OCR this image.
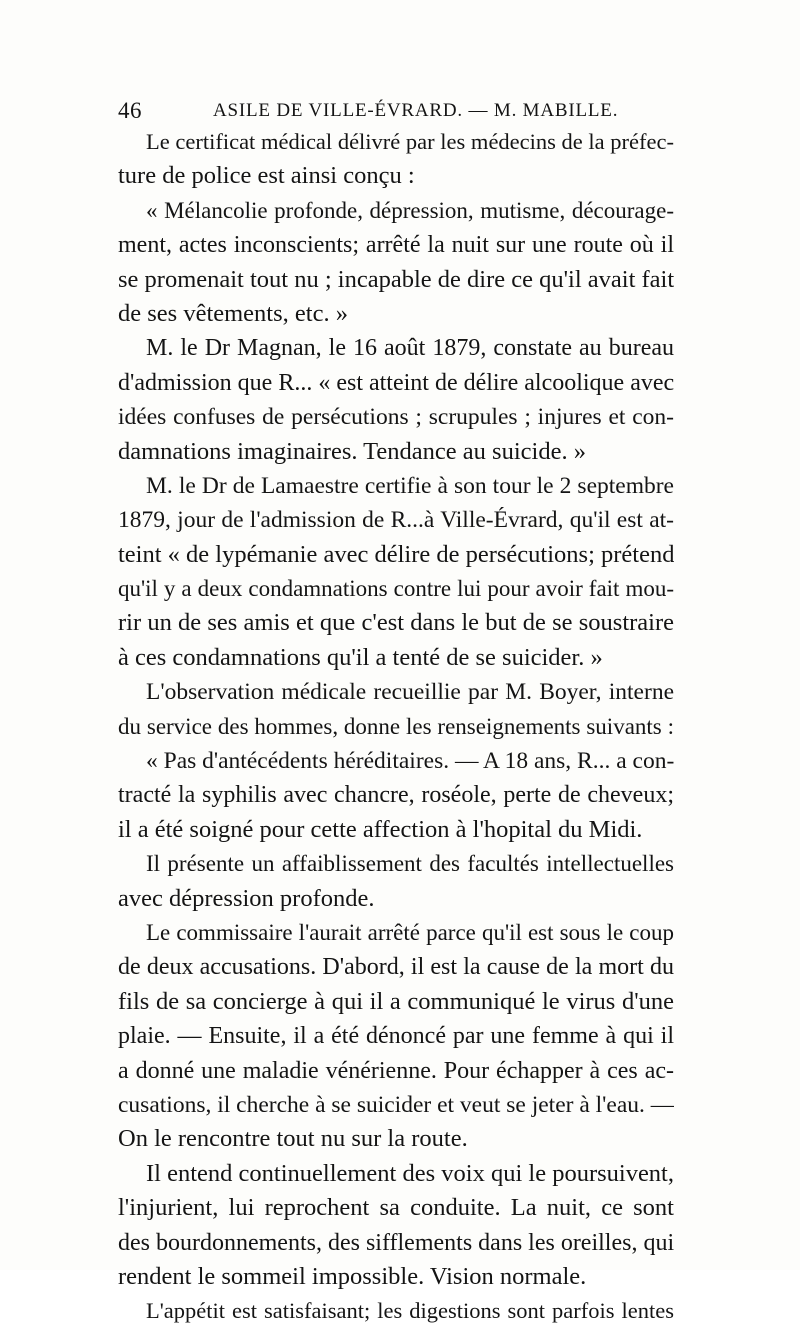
46	ASILE DE VILLE-ÉVRARD. — M. MABILLE.
Le certificat médical délivré par les médecins de la préfec-
ture de police est ainsi conçu :
« Mélancolie profonde, dépression, mutisme, décourage-
ment, actes inconscients; arrêté la nuit sur une route où il
se promenait tout nu ; incapable de dire ce qu'il avait fait
de ses vêtements, etc. »
M. le Dr Magnan, le 16 août 1879, constate au bureau
d'admission que R... « est atteint de délire alcoolique avec
idées confuses de persécutions ; scrupules ; injures et con-
damnations imaginaires. Tendance au suicide. »
M. le Dr de Lamaestre certifie à son tour le 2 septembre
1879, jour de l'admission de R...à Ville-Évrard, qu'il est at-
teint « de lypémanie avec délire de persécutions; prétend
qu'il y a deux condamnations contre lui pour avoir fait mou-
rir un de ses amis et que c'est dans le but de se soustraire
à ces condamnations qu'il a tenté de se suicider. »
L'observation médicale recueillie par M. Boyer, interne
du service des hommes, donne les renseignements suivants :
« Pas d'antécédents héréditaires. — A 18 ans, R... a con-
tracté la syphilis avec chancre, roséole, perte de cheveux;
il a été soigné pour cette affection à l'hopital du Midi.
Il présente un affaiblissement des facultés intellectuelles
avec dépression profonde.
Le commissaire l'aurait arrêté parce qu'il est sous le coup
de deux accusations. D'abord, il est la cause de la mort du
fils de sa concierge à qui il a communiqué le virus d'une
plaie. — Ensuite, il a été dénoncé par une femme à qui il
a donné une maladie vénérienne. Pour échapper à ces ac-
cusations, il cherche à se suicider et veut se jeter à l'eau. —
On le rencontre tout nu sur la route.
Il entend continuellement des voix qui le poursuivent,
l'injurient, lui reprochent sa conduite. La nuit, ce sont
des bourdonnements, des sifflements dans les oreilles, qui
rendent le sommeil impossible. Vision normale.
L'appétit est satisfaisant; les digestions sont parfois lentes
